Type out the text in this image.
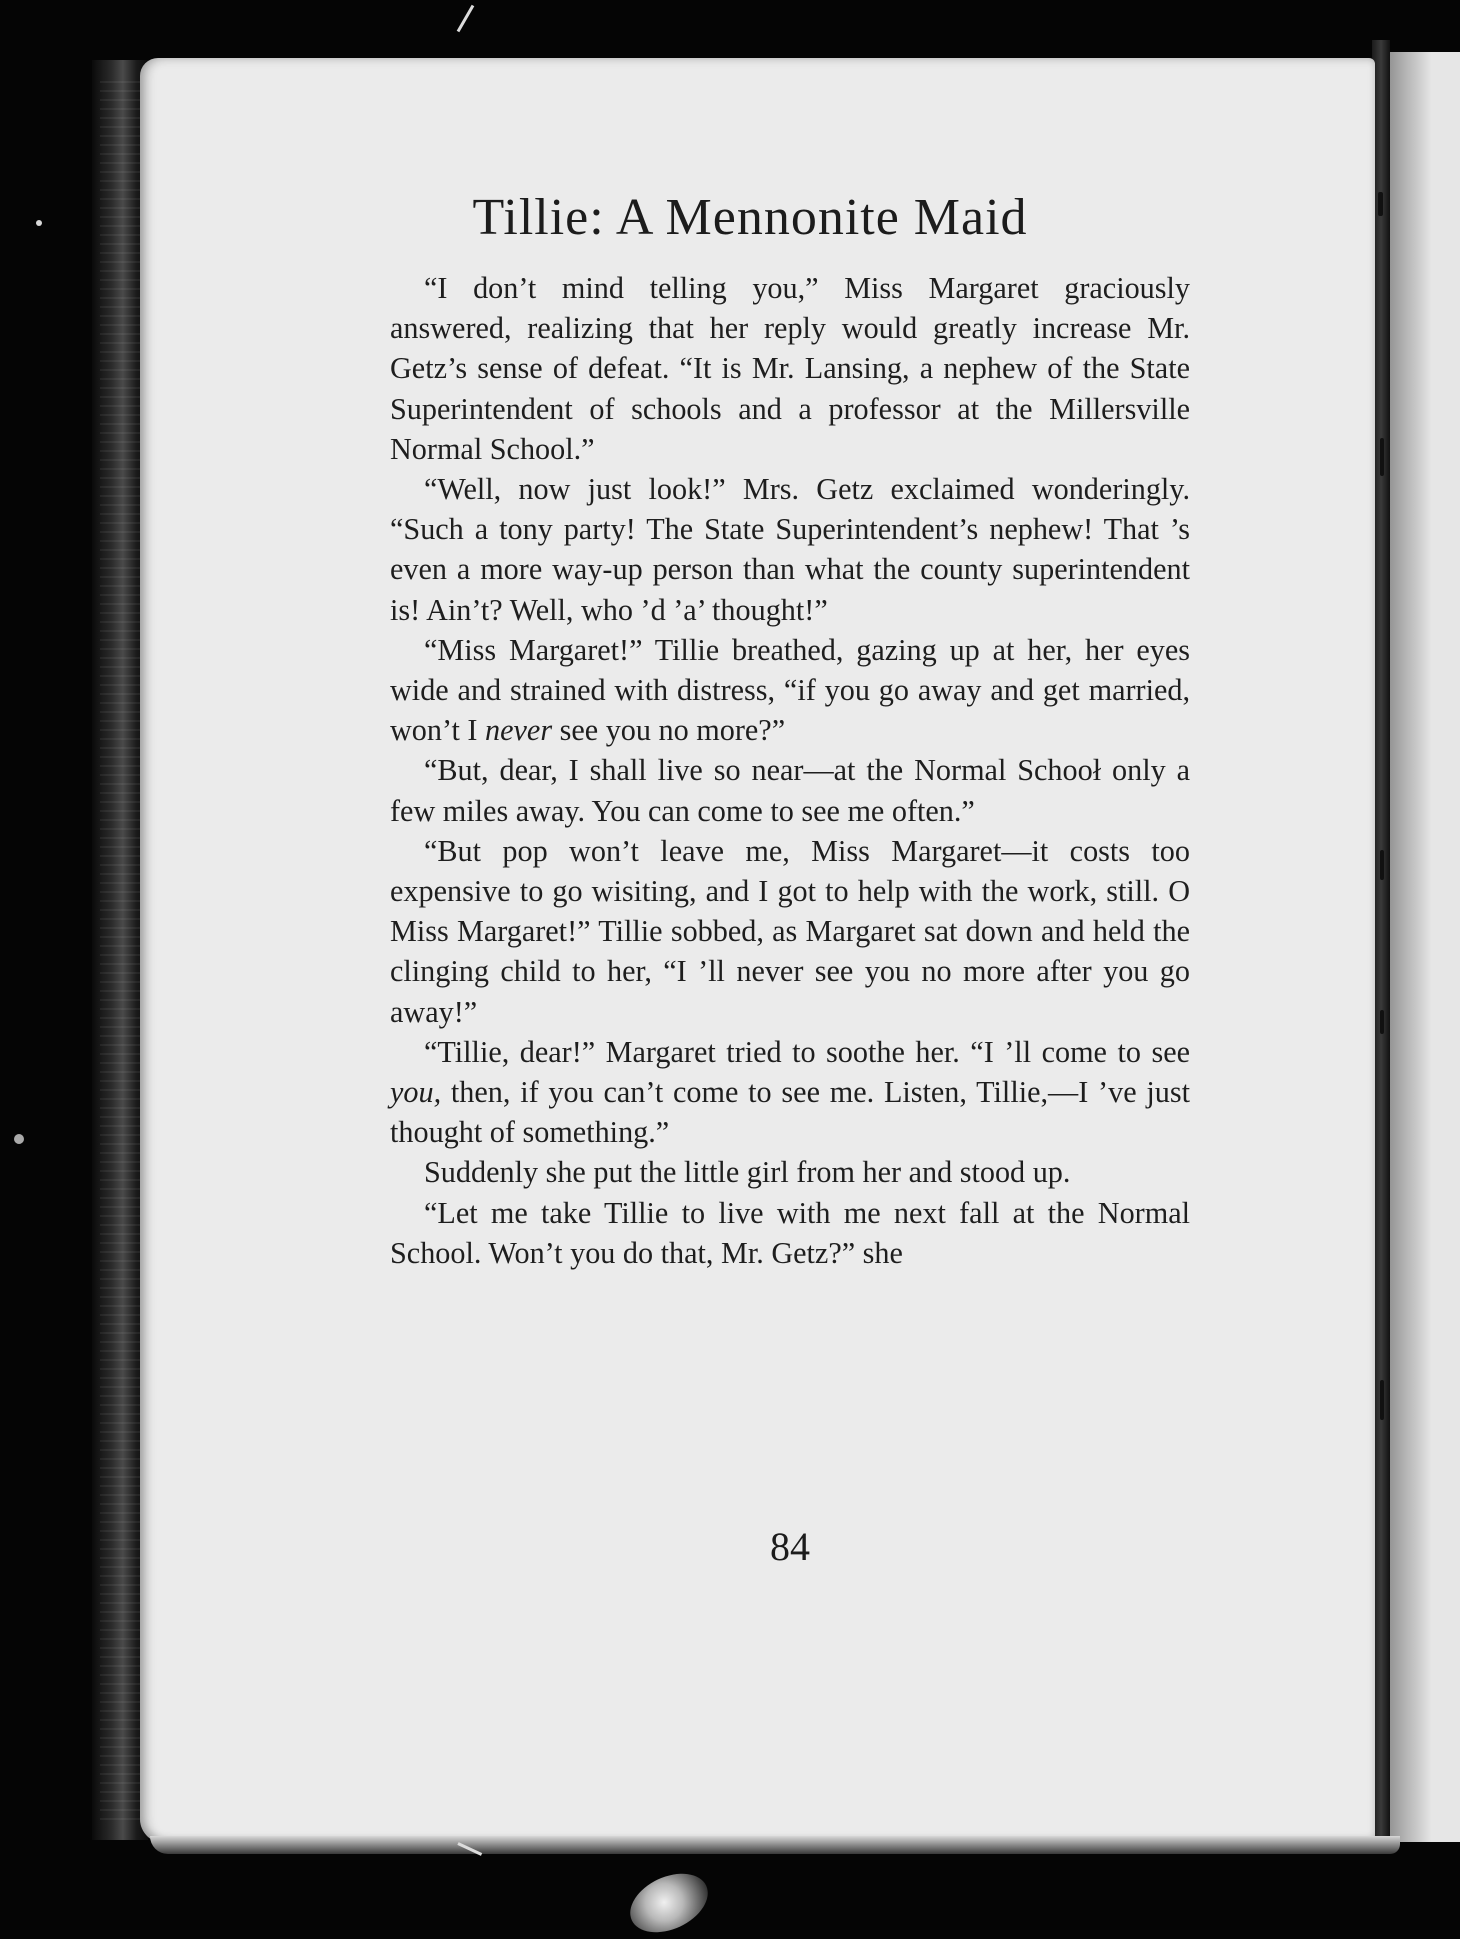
Tillie: A Mennonite Maid

“I don’t mind telling you,” Miss Margaret graciously answered, realizing that her reply would greatly increase Mr. Getz’s sense of defeat. “It is Mr. Lansing, a nephew of the State Superintendent of schools and a professor at the Millersville Normal School.”

“Well, now just look!” Mrs. Getz exclaimed wonderingly. “Such a tony party! The State Superintendent’s nephew! That ’s even a more way-up person than what the county superintendent is! Ain’t? Well, who ’d ’a’ thought!”

“Miss Margaret!” Tillie breathed, gazing up at her, her eyes wide and strained with distress, “if you go away and get married, won’t I never see you no more?”

“But, dear, I shall live so near—at the Normal Schooł only a few miles away. You can come to see me often.”

“But pop won’t leave me, Miss Margaret—it costs too expensive to go wisiting, and I got to help with the work, still. O Miss Margaret!” Tillie sobbed, as Margaret sat down and held the clinging child to her, “I ’ll never see you no more after you go away!”

“Tillie, dear!” Margaret tried to soothe her. “I ’ll come to see you, then, if you can’t come to see me. Listen, Tillie,—I ’ve just thought of something.”

Suddenly she put the little girl from her and stood up.

“Let me take Tillie to live with me next fall at the Normal School. Won’t you do that, Mr. Getz?” she

84
